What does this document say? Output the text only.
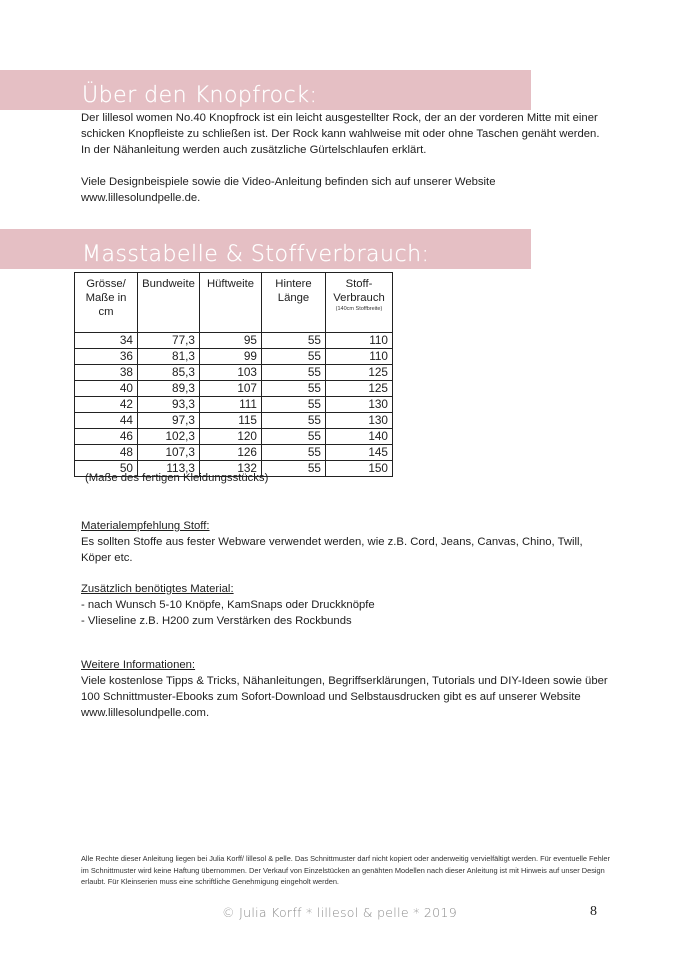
Über den Knopfrock:

Der lillesol women No.40 Knopfrock ist ein leicht ausgestellter Rock, der an der vorderen Mitte mit einer schicken Knopfleiste zu schließen ist. Der Rock kann wahlweise mit oder ohne Taschen genäht werden. In der Nähanleitung werden auch zusätzliche Gürtelschlaufen erklärt.

Viele Designbeispiele sowie die Video-Anleitung befinden sich auf unserer Website www.lillesolundpelle.de.

Masstabelle & Stoffverbrauch:
Grösse/ Maße in cm	Bundweite	Hüftweite	Hintere Länge	Stoff-Verbrauch
(140cm Stoffbreite)

34	77,3	95	55	110
36	81,3	99	55	110
38	85,3	103	55	125
40	89,3	107	55	125
42	93,3	111	55	130
44	97,3	115	55	130
46	102,3	120	55	140
48	107,3	126	55	145
50	113,3	132	55	150

(Maße des fertigen Kleidungsstücks)

Materialempfehlung Stoff:

Es sollten Stoffe aus fester Webware verwendet werden, wie z.B. Cord, Jeans, Canvas, Chino, Twill, Köper etc.

Zusätzlich benötigtes Material:

- nach Wunsch 5-10 Knöpfe, KamSnaps oder Druckknöpfe

- Vlieseline z.B. H200 zum Verstärken des Rockbunds

Weitere Informationen:

Viele kostenlose Tipps & Tricks, Nähanleitungen, Begriffserklärungen, Tutorials und DIY-Ideen sowie über 100 Schnittmuster-Ebooks zum Sofort-Download und Selbstausdrucken gibt es auf unserer Website www.lillesolundpelle.com.

Alle Rechte dieser Anleitung liegen bei Julia Korff/ lillesol & pelle. Das Schnittmuster darf nicht kopiert oder anderweitig vervielfältigt werden. Für eventuelle Fehler im Schnittmuster wird keine Haftung übernommen. Der Verkauf von Einzelstücken an genähten Modellen nach dieser Anleitung ist mit Hinweis auf unser Design erlaubt. Für Kleinserien muss eine schriftliche Genehmigung eingeholt werden.
© Julia Korff * lillesol & pelle * 2019	8
